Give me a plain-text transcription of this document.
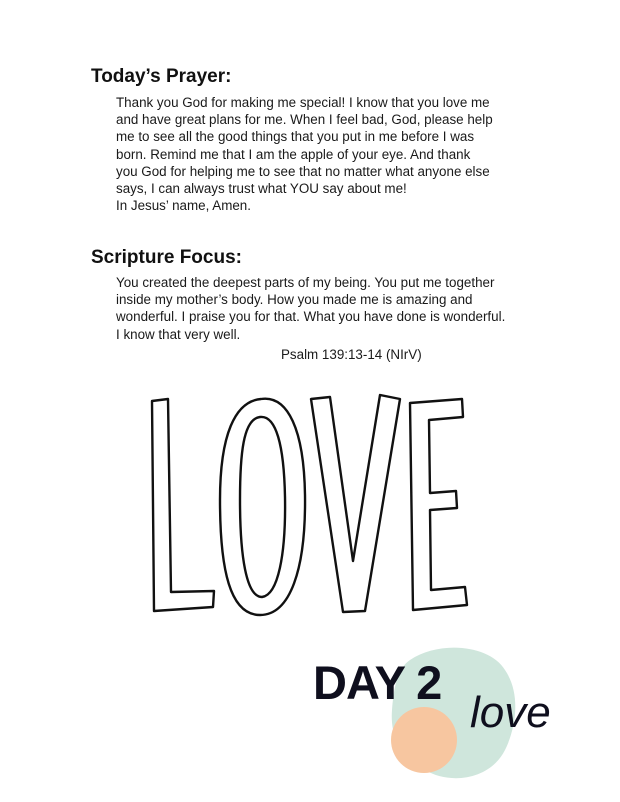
Today’s Prayer:

Thank you God for making me special! I know that you love me
and have great plans for me. When I feel bad, God, please help
me to see all the good things that you put in me before I was
born. Remind me that I am the apple of your eye. And thank
you God for helping me to see that no matter what anyone else
says, I can always trust what YOU say about me!
In Jesus’ name, Amen.

Scripture Focus:

You created the deepest parts of my being. You put me together
inside my mother’s body. How you made me is amazing and
wonderful. I praise you for that. What you have done is wonderful.
I know that very well.

Psalm 139:13-14 (NIrV)
DAY 2
love
